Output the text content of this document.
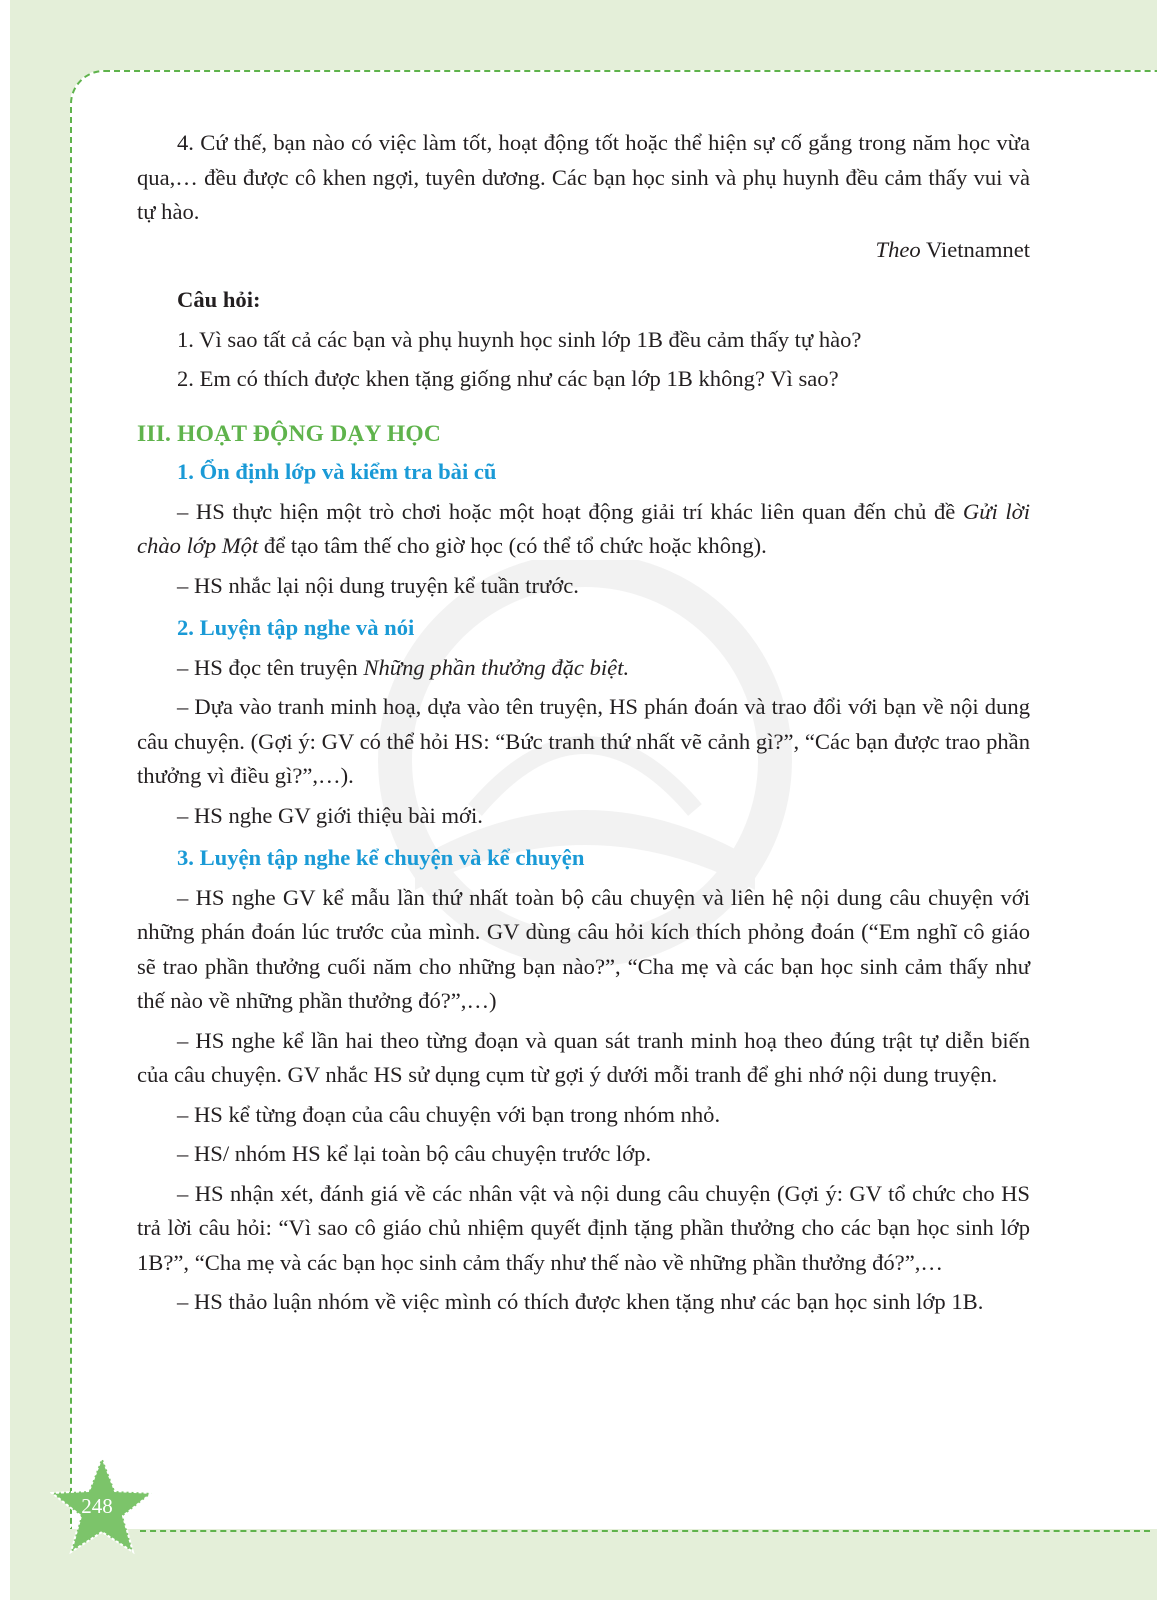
4. Cứ thế, bạn nào có việc làm tốt, hoạt động tốt hoặc thể hiện sự cố gắng trong năm học vừa qua,… đều được cô khen ngợi, tuyên dương. Các bạn học sinh và phụ huynh đều cảm thấy vui và tự hào.

Theo Vietnamnet

Câu hỏi:

1. Vì sao tất cả các bạn và phụ huynh học sinh lớp 1B đều cảm thấy tự hào?

2. Em có thích được khen tặng giống như các bạn lớp 1B không? Vì sao?

III. HOẠT ĐỘNG DẠY HỌC

1. Ổn định lớp và kiểm tra bài cũ

– HS thực hiện một trò chơi hoặc một hoạt động giải trí khác liên quan đến chủ đề Gửi lời chào lớp Một để tạo tâm thế cho giờ học (có thể tổ chức hoặc không).

– HS nhắc lại nội dung truyện kể tuần trước.

2. Luyện tập nghe và nói

– HS đọc tên truyện Những phần thưởng đặc biệt.

– Dựa vào tranh minh hoạ, dựa vào tên truyện, HS phán đoán và trao đổi với bạn về nội dung câu chuyện. (Gợi ý: GV có thể hỏi HS: “Bức tranh thứ nhất vẽ cảnh gì?”, “Các bạn được trao phần thưởng vì điều gì?”,…).

– HS nghe GV giới thiệu bài mới.

3. Luyện tập nghe kể chuyện và kể chuyện

– HS nghe GV kể mẫu lần thứ nhất toàn bộ câu chuyện và liên hệ nội dung câu chuyện với những phán đoán lúc trước của mình. GV dùng câu hỏi kích thích phỏng đoán (“Em nghĩ cô giáo sẽ trao phần thưởng cuối năm cho những bạn nào?”, “Cha mẹ và các bạn học sinh cảm thấy như thế nào về những phần thưởng đó?”,…)

– HS nghe kể lần hai theo từng đoạn và quan sát tranh minh hoạ theo đúng trật tự diễn biến của câu chuyện. GV nhắc HS sử dụng cụm từ gợi ý dưới mỗi tranh để ghi nhớ nội dung truyện.

– HS kể từng đoạn của câu chuyện với bạn trong nhóm nhỏ.

– HS/ nhóm HS kể lại toàn bộ câu chuyện trước lớp.

– HS nhận xét, đánh giá về các nhân vật và nội dung câu chuyện (Gợi ý: GV tổ chức cho HS trả lời câu hỏi: “Vì sao cô giáo chủ nhiệm quyết định tặng phần thưởng cho các bạn học sinh lớp 1B?”, “Cha mẹ và các bạn học sinh cảm thấy như thế nào về những phần thưởng đó?”,…

– HS thảo luận nhóm về việc mình có thích được khen tặng như các bạn học sinh lớp 1B.

248
